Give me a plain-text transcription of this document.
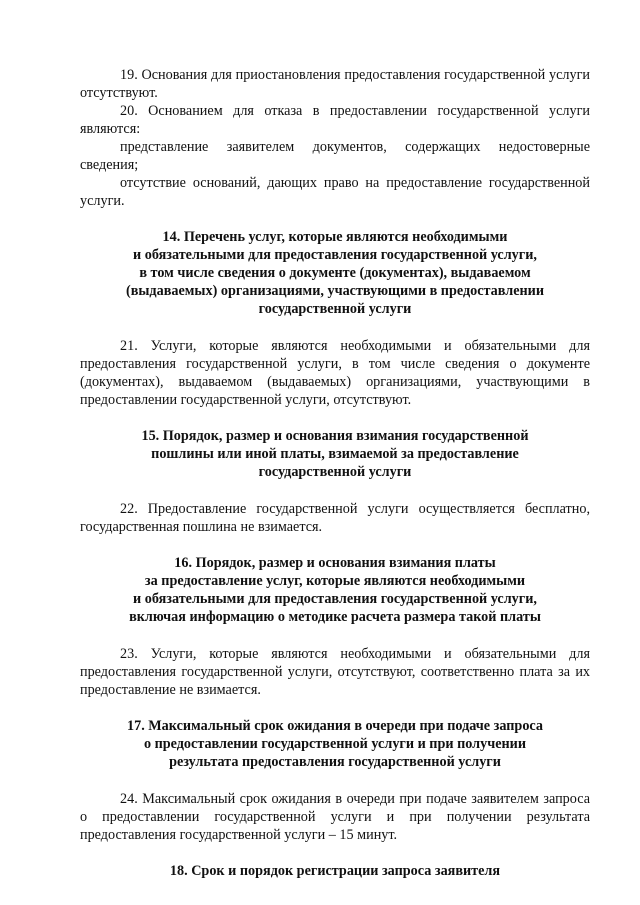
19. Основания для приостановления предоставления государственной услуги отсутствуют.

20. Основанием для отказа в предоставлении государственной услуги являются:

представление заявителем документов, содержащих недостоверные сведения;

отсутствие оснований, дающих право на предоставление государственной услуги.

14. Перечень услуг, которые являются необходимыми
и обязательными для предоставления государственной услуги,
в том числе сведения о документе (документах), выдаваемом
(выдаваемых) организациями, участвующими в предоставлении
государственной услуги

21. Услуги, которые являются необходимыми и обязательными для предоставления государственной услуги, в том числе сведения о документе (документах), выдаваемом (выдаваемых) организациями, участвующими в предоставлении государственной услуги, отсутствуют.

15. Порядок, размер и основания взимания государственной
пошлины или иной платы, взимаемой за предоставление
государственной услуги

22. Предоставление государственной услуги осуществляется бесплатно, государственная пошлина не взимается.

16. Порядок, размер и основания взимания платы
за предоставление услуг, которые являются необходимыми
и обязательными для предоставления государственной услуги,
включая информацию о методике расчета размера такой платы

23. Услуги, которые являются необходимыми и обязательными для предоставления государственной услуги, отсутствуют, соответственно плата за их предоставление не взимается.

17. Максимальный срок ожидания в очереди при подаче запроса
о предоставлении государственной услуги и при получении
результата предоставления государственной услуги

24. Максимальный срок ожидания в очереди при подаче заявителем запроса о предоставлении государственной услуги и при получении результата предоставления государственной услуги – 15 минут.

18. Срок и порядок регистрации запроса заявителя
